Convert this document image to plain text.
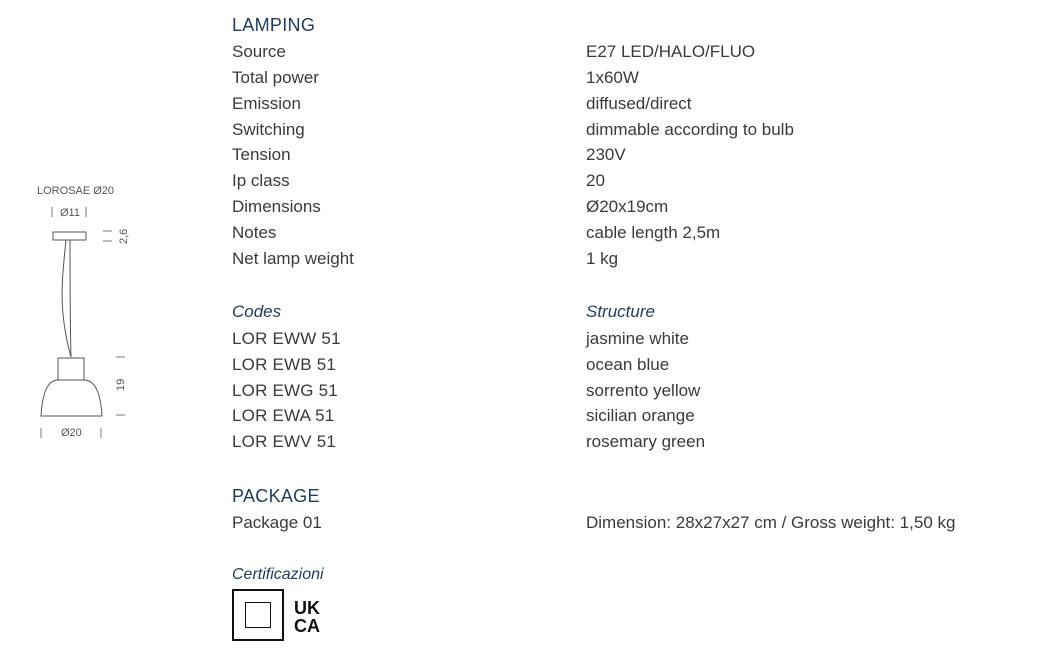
LOROSAE Ø20
Ø11
2,6
19
Ø20
LAMPING
Source	E27 LED/HALO/FLUO
Total power	1x60W
Emission	diffused/direct
Switching	dimmable according to bulb
Tension	230V
Ip class	20
Dimensions	Ø20x19cm
Notes	cable length 2,5m
Net lamp weight	1 kg
Codes	Structure
LOR EWW 51	jasmine white
LOR EWB 51	ocean blue
LOR EWG 51	sorrento yellow
LOR EWA 51	sicilian orange
LOR EWV 51	rosemary green
PACKAGE
Package 01	Dimension: 28x27x27 cm / Gross weight: 1,50 kg
Certificazioni
UK
CA
